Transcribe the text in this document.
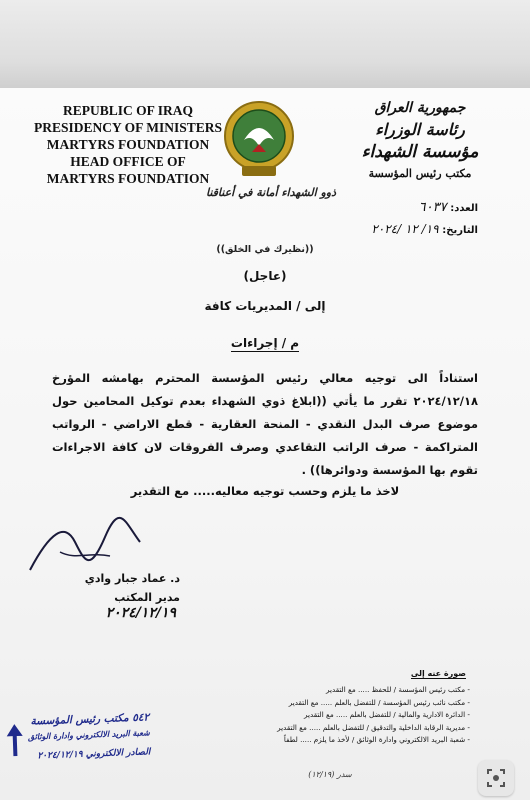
REPUBLIC OF IRAQ
PRESIDENCY OF MINISTERS
MARTYRS FOUNDATION
HEAD OFFICE OF
MARTYRS FOUNDATION
ذوو الشهداء أمانة في أعناقنا
جمهورية العراق
رئاسة الوزراء
مؤسسة الشهداء
مكتب رئيس المؤسسة
العدد: ٦٠٣٧
التاريخ: ١٩/ ١٢ /٢٠٢٤
((نظيرك في الخلق))
(عاجل)
إلى / المديريات كافة
م / إجراءات
استناداً الى توجيه معالي رئيس المؤسسة المحترم بهامشه المؤرخ ٢٠٢٤/١٢/١٨ تقرر ما يأتي ((ابلاغ ذوي الشهداء بعدم توكيل المحامين حول موضوع صرف البدل النقدي - المنحة العقارية - قطع الاراضي - الرواتب المتراكمة - صرف الراتب التقاعدي وصرف الفروقات لان كافة الاجراءات تقوم بها المؤسسة ودوائرها)) .
لاخذ ما يلزم وحسب توجيه معاليه..... مع التقدير
د. عماد جبار وادي
مدير المكتب
٢٠٢٤/١٢/١٩
صورة عنه إلى
- مكتب رئيس المؤسسة / للحفظ ..... مع التقدير
- مكتب نائب رئيس المؤسسة / للتفضل بالعلم ..... مع التقدير
- الدائرة الادارية والمالية / للتفضل بالعلم ..... مع التقدير
- مديرية الرقابة الداخلية والتدقيق / للتفضل بالعلم ..... مع التقدير
- شعبة البريد الالكتروني وادارة الوثائق / لأخذ ما يلزم ..... لطفاً
(١٢/١٩) سدر
٥٤٢ مكتب رئيس المؤسسة
شعبة البريد الالكتروني وادارة الوثائق
الصادر الالكتروني ٢٠٢٤/١٢/١٩
